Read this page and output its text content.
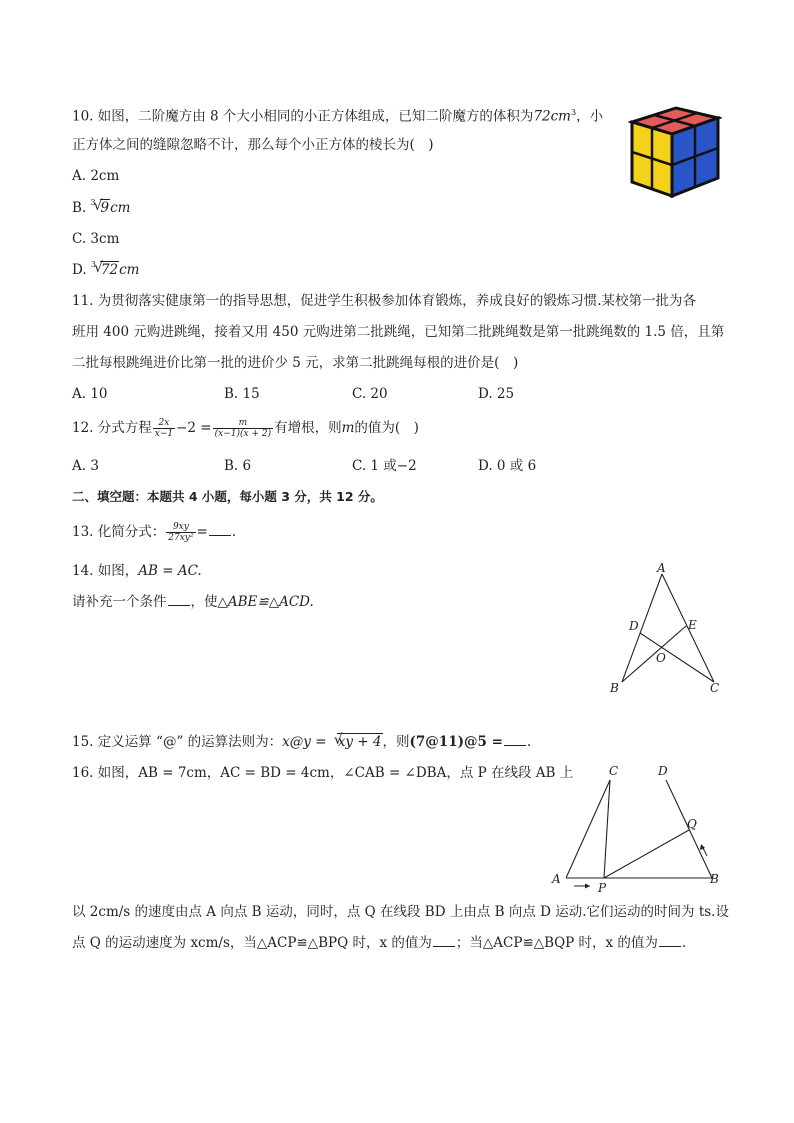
10. 如图，二阶魔方由 8 个大小相同的小正方体组成，已知二阶魔方的体积为$72cm^3$，小
正方体之间的缝隙忽略不计，那么每个小正方体的棱长为(　)
A. 2cm
B. 3 √ 9cm
C. 3cm
D. 3 √ 72cm
11. 为贯彻落实健康第一的指导思想，促进学生积极参加体育锻炼，养成良好的锻炼习惯.某校第一批为各
班用 400 元购进跳绳，接着又用 450 元购进第二批跳绳，已知第二批跳绳数是第一批跳绳数的 1.5 倍，且第
二批每根跳绳进价比第一批的进价少 5 元，求第二批跳绳每根的进价是(　)
A. 10	B. 15	C. 20	D. 25
12. 分式方程 $\frac{2x}{x-1} -2 = \frac{m}{(x-1)(x + 2)}$ 有增根，则m的值为(　)
A. 3	B. 6	C. 1 或−2	D. 0 或 6
二、填空题：本题共 4 小题，每小题 3 分，共 12 分。
13. 化简分式： $\frac{9xy}{\text{27xy²}}$ = .
14. 如图，AB = AC.
请补充一个条件 ，使△ABE≌△ACD.
A
D	E
O
B	C
15. 定义运算 “@” 的运算法则为：x@y = √ xy + 4，则(7@11)@5 = .
16. 如图，AB = 7cm，AC = BD = 4cm，∠CAB = ∠DBA，点 P 在线段 AB 上	C	D
Q
A
P
B
以 2cm/s 的速度由点 A 向点 B 运动，同时，点 Q 在线段 BD 上由点 B 向点 D 运动.它们运动的时间为 ts.设
点 Q 的运动速度为 xcm/s，当△ACP≌△BPQ 时，x 的值为 ；当△ACP≌△BQP 时，x 的值为 .
